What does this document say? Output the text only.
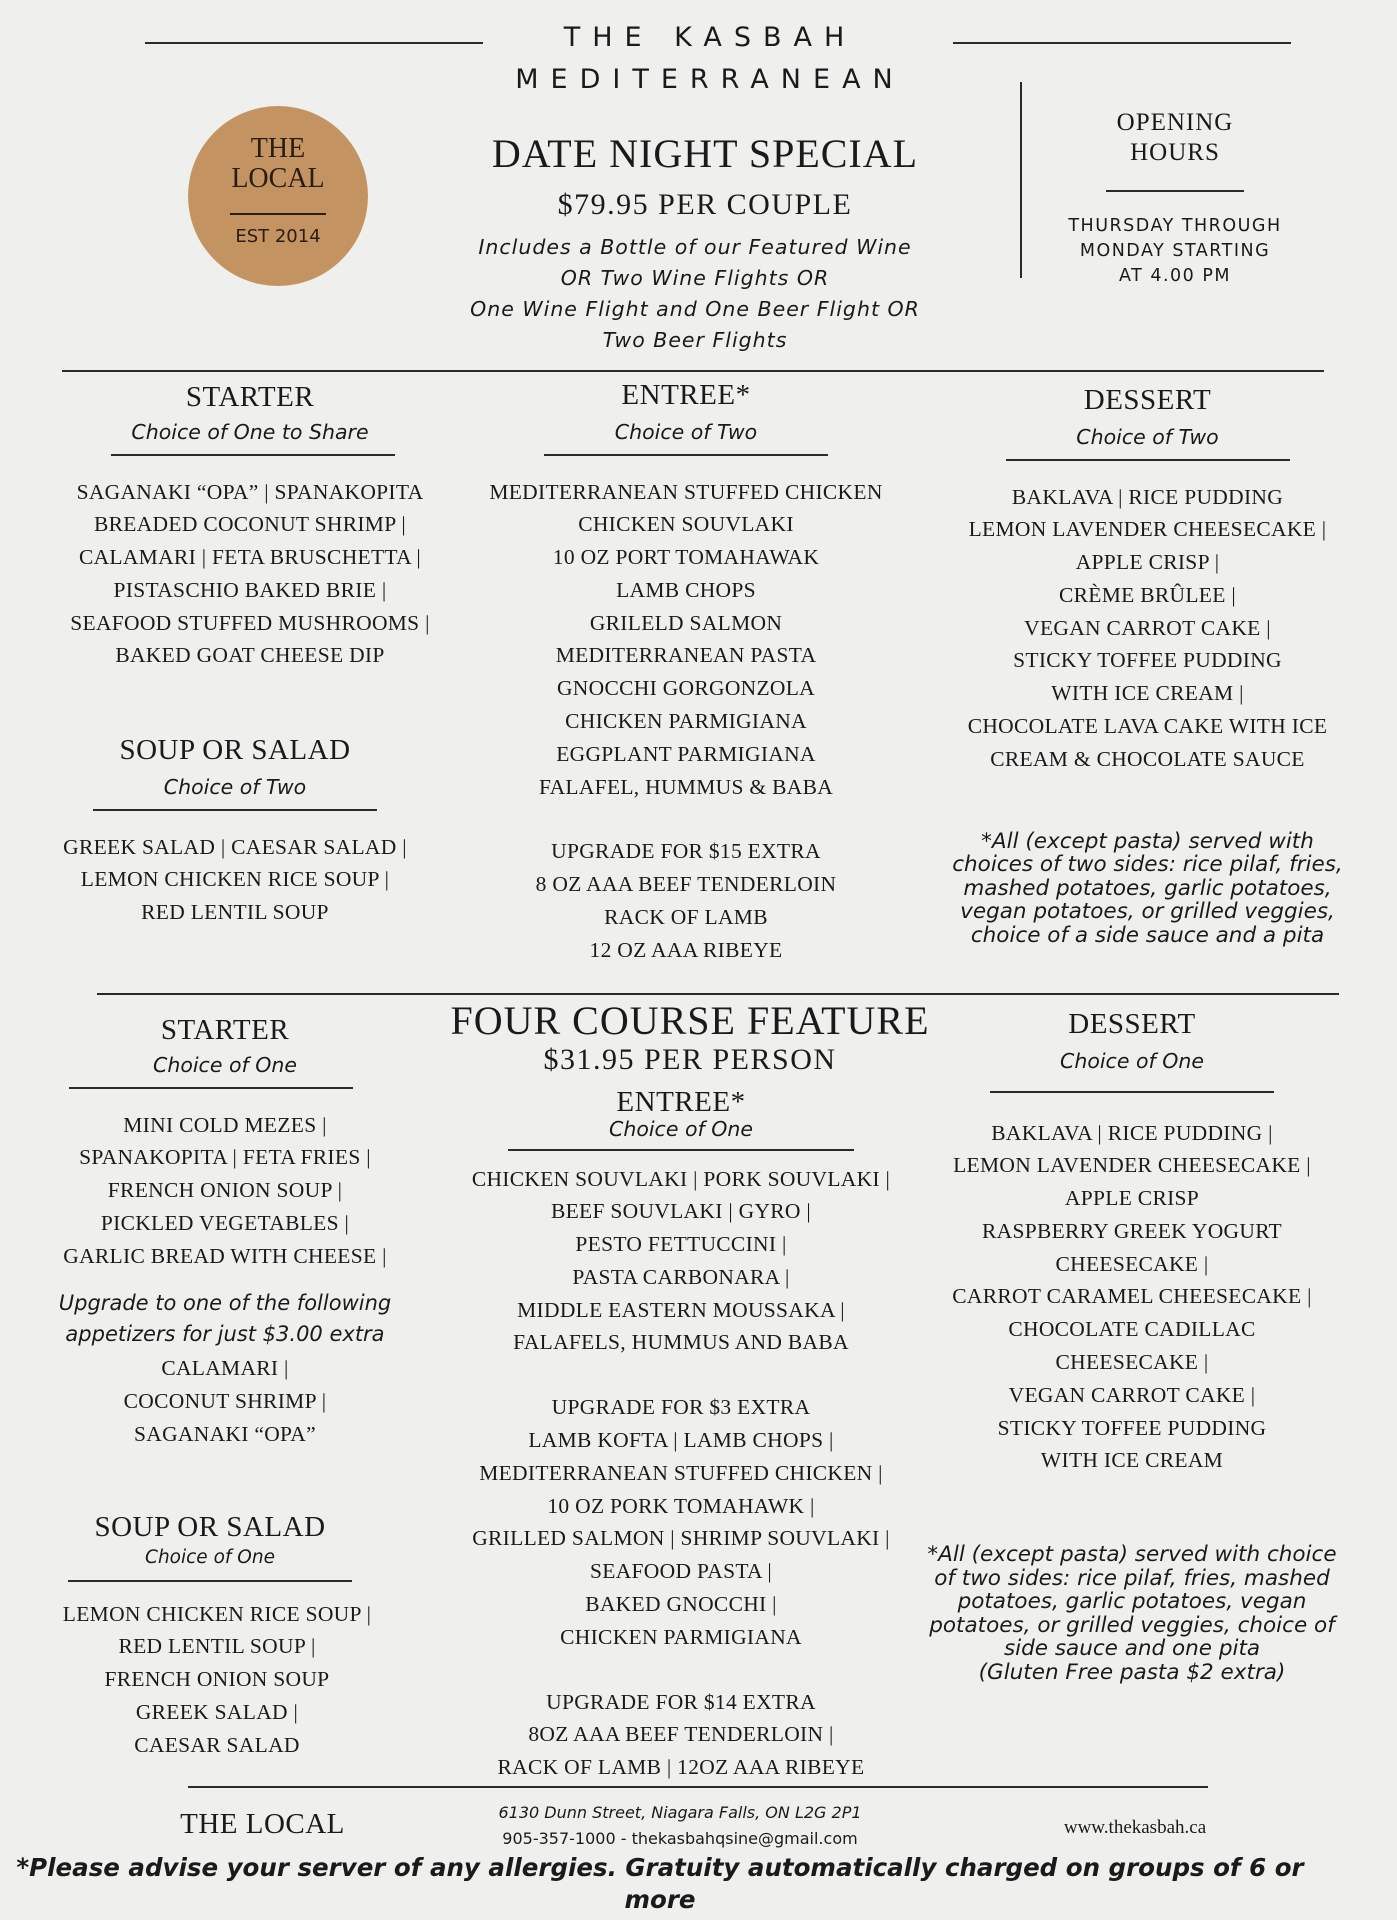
THE KASBAH
MEDITERRANEAN
THE
LOCAL
EST 2014
OPENING
HOURS
THURSDAY THROUGH
MONDAY STARTING
AT 4.00 PM
DATE NIGHT SPECIAL
$79.95 PER COUPLE
Includes a Bottle of our Featured Wine
OR Two Wine Flights OR
One Wine Flight and One Beer Flight OR
Two Beer Flights
STARTER
Choice of One to Share
SAGANAKI “OPA” | SPANAKOPITA
BREADED COCONUT SHRIMP |
CALAMARI | FETA BRUSCHETTA |
PISTASCHIO BAKED BRIE |
SEAFOOD STUFFED MUSHROOMS |
BAKED GOAT CHEESE DIP
SOUP OR SALAD
Choice of Two
GREEK SALAD | CAESAR SALAD |
LEMON CHICKEN RICE SOUP |
RED LENTIL SOUP
ENTREE*
Choice of Two
MEDITERRANEAN STUFFED CHICKEN
CHICKEN SOUVLAKI
10 OZ PORT TOMAHAWAK
LAMB CHOPS
GRILELD SALMON
MEDITERRANEAN PASTA
GNOCCHI GORGONZOLA
CHICKEN PARMIGIANA
EGGPLANT PARMIGIANA
FALAFEL, HUMMUS & BABA
UPGRADE FOR $15 EXTRA
8 OZ AAA BEEF TENDERLOIN
RACK OF LAMB
12 OZ AAA RIBEYE
DESSERT
Choice of Two
BAKLAVA | RICE PUDDING
LEMON LAVENDER CHEESECAKE |
APPLE CRISP |
CRÈME BRÛLEE |
VEGAN CARROT CAKE |
STICKY TOFFEE PUDDING
WITH ICE CREAM |
CHOCOLATE LAVA CAKE WITH ICE
CREAM & CHOCOLATE SAUCE
*All (except pasta) served with
choices of two sides: rice pilaf, fries,
mashed potatoes, garlic potatoes,
vegan potatoes, or grilled veggies,
choice of a side sauce and a pita
FOUR COURSE FEATURE
$31.95 PER PERSON
STARTER
Choice of One
MINI COLD MEZES |
SPANAKOPITA | FETA FRIES |
FRENCH ONION SOUP |
PICKLED VEGETABLES |
GARLIC BREAD WITH CHEESE |
Upgrade to one of the following
appetizers for just $3.00 extra
CALAMARI |
COCONUT SHRIMP |
SAGANAKI “OPA”
SOUP OR SALAD
Choice of One
LEMON CHICKEN RICE SOUP |
RED LENTIL SOUP |
FRENCH ONION SOUP
GREEK SALAD |
CAESAR SALAD
ENTREE*
Choice of One
CHICKEN SOUVLAKI | PORK SOUVLAKI |
BEEF SOUVLAKI | GYRO |
PESTO FETTUCCINI |
PASTA CARBONARA |
MIDDLE EASTERN MOUSSAKA |
FALAFELS, HUMMUS AND BABA
UPGRADE FOR $3 EXTRA
LAMB KOFTA | LAMB CHOPS |
MEDITERRANEAN STUFFED CHICKEN |
10 OZ PORK TOMAHAWK |
GRILLED SALMON | SHRIMP SOUVLAKI |
SEAFOOD PASTA |
BAKED GNOCCHI |
CHICKEN PARMIGIANA
UPGRADE FOR $14 EXTRA
8OZ AAA BEEF TENDERLOIN |
RACK OF LAMB | 12OZ AAA RIBEYE
DESSERT
Choice of One
BAKLAVA | RICE PUDDING |
LEMON LAVENDER CHEESECAKE |
APPLE CRISP
RASPBERRY GREEK YOGURT
CHEESECAKE |
CARROT CARAMEL CHEESECAKE |
CHOCOLATE CADILLAC
CHEESECAKE |
VEGAN CARROT CAKE |
STICKY TOFFEE PUDDING
WITH ICE CREAM
*All (except pasta) served with choice
of two sides: rice pilaf, fries, mashed
potatoes, garlic potatoes, vegan
potatoes, or grilled veggies, choice of
side sauce and one pita
(Gluten Free pasta $2 extra)
THE LOCAL	6130 Dunn Street, Niagara Falls, ON L2G 2P1
905-357-1000 - thekasbahqsine@gmail.com
www.thekasbah.ca
*Please advise your server of any allergies. Gratuity automatically charged on groups of 6 or more
